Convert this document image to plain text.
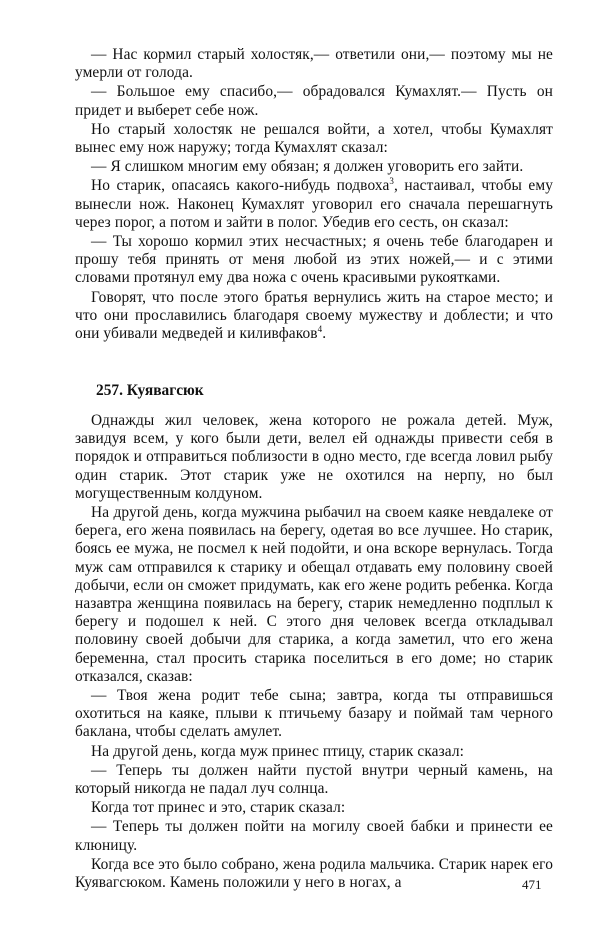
— Нас кормил старый холостяк,— ответили они,— поэтому мы не умерли от голода.

— Большое ему спасибо,— обрадовался Кумахлят.— Пусть он придет и выберет себе нож.

Но старый холостяк не решался войти, а хотел, чтобы Кумахлят вынес ему нож наружу; тогда Кумахлят сказал:

— Я слишком многим ему обязан; я должен уговорить его зайти.

Но старик, опасаясь какого-нибудь подвоха$^3$, настаивал, чтобы ему вынесли нож. Наконец Кумахлят уговорил его сначала перешагнуть через порог, а потом и зайти в полог. Убедив его сесть, он сказал:

— Ты хорошо кормил этих несчастных; я очень тебе благодарен и прошу тебя принять от меня любой из этих ножей,— и с этими словами протянул ему два ножа с очень красивыми рукоятками.

Говорят, что после этого братья вернулись жить на старое место; и что они прославились благодаря своему мужеству и доблести; и что они убивали медведей и киливфаков$^4$.

257. Куявагсюк

Однажды жил человек, жена которого не рожала детей. Муж, завидуя всем, у кого были дети, велел ей однажды привести себя в порядок и отправиться поблизости в одно место, где всегда ловил рыбу один старик. Этот старик уже не охотился на нерпу, но был могущественным колдуном.

На другой день, когда мужчина рыбачил на своем каяке невдалеке от берега, его жена появилась на берегу, одетая во все лучшее. Но старик, боясь ее мужа, не посмел к ней подойти, и она вскоре вернулась. Тогда муж сам отправился к старику и обещал отдавать ему половину своей добычи, если он сможет придумать, как его жене родить ребенка. Когда назавтра женщина появилась на берегу, старик немедленно подплыл к берегу и подошел к ней. С этого дня человек всегда откладывал половину своей добычи для старика, а когда заметил, что его жена беременна, стал просить старика поселиться в его доме; но старик отказался, сказав:

— Твоя жена родит тебе сына; завтра, когда ты отправишься охотиться на каяке, плыви к птичьему базару и поймай там черного баклана, чтобы сделать амулет.

На другой день, когда муж принес птицу, старик сказал:

— Теперь ты должен найти пустой внутри черный камень, на который никогда не падал луч солнца.

Когда тот принес и это, старик сказал:

— Теперь ты должен пойти на могилу своей бабки и принести ее клюницу.

Когда все это было собрано, жена родила мальчика. Старик нарек его Куявагсюком. Камень положили у него в ногах, а	471
